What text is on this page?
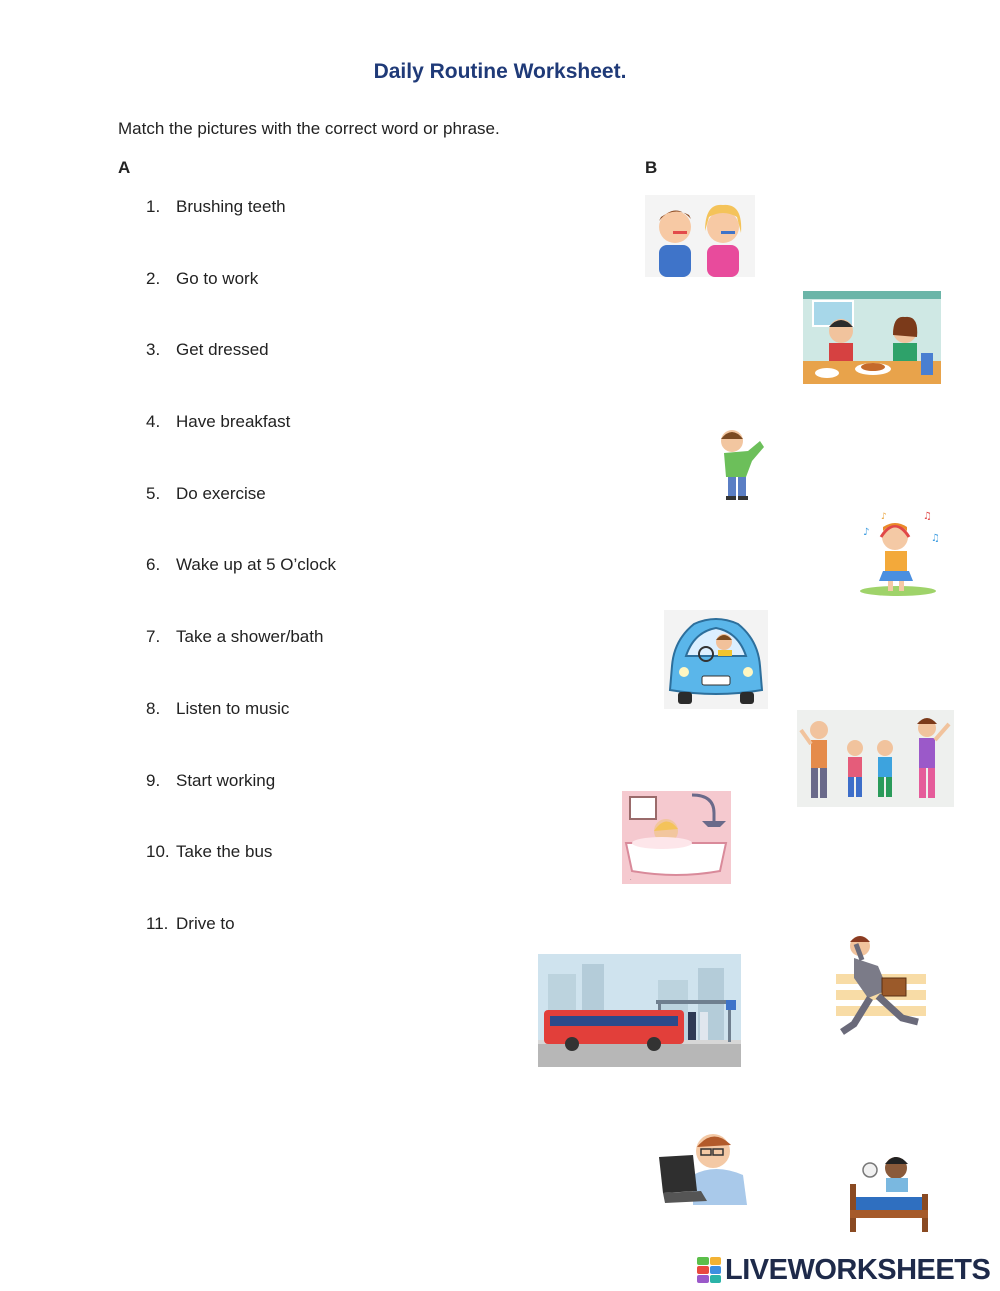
Daily Routine Worksheet.
Match the pictures with the correct word or phrase.
A	B
1. Brushing teeth
2. Go to work
3. Get dressed
4. Have breakfast
5. Do exercise
6. Wake up at 5 O’clock
7. Take a shower/bath
8. Listen to music
9. Start working
10. Take the bus
11. Drive to
♪
♫
♫
♪
·
LIVEWORKSHEETS
